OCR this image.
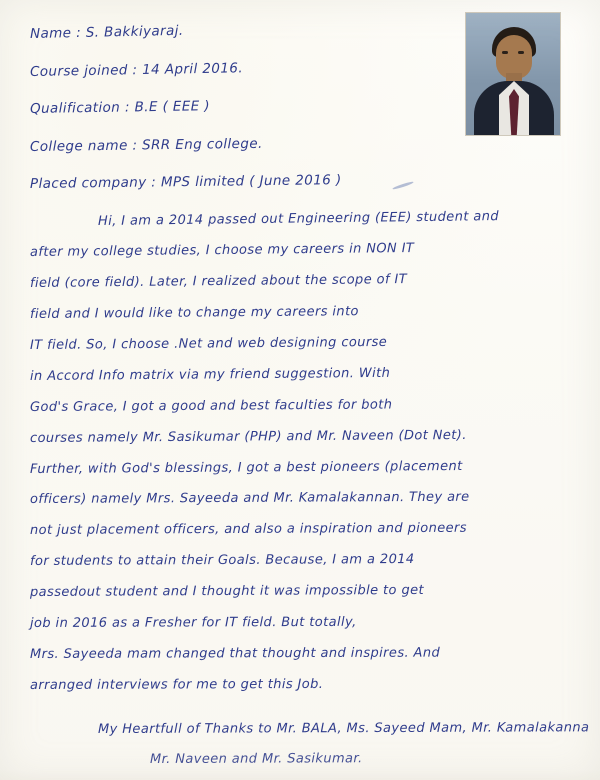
Name : S. Bakkiyaraj.
Course joined : 14 April 2016.
Qualification : B.E ( EEE )
College name : SRR Eng college.
Placed company : MPS limited ( June 2016 )
Hi, I am a 2014 passed out Engineering (EEE) student and
after my college studies, I choose my careers in NON IT
field (core field). Later, I realized about the scope of IT
field and I would like to change my careers into
IT field. So, I choose .Net and web designing course
in Accord Info matrix via my friend suggestion. With
God's Grace, I got a good and best faculties for both
courses namely Mr. Sasikumar (PHP) and Mr. Naveen (Dot Net).
Further, with God's blessings, I got a best pioneers (placement
officers) namely Mrs. Sayeeda and Mr. Kamalakannan. They are
not just placement officers, and also a inspiration and pioneers
for students to attain their Goals. Because, I am a 2014
passedout student and I thought it was impossible to get
job in 2016 as a Fresher for IT field. But totally,
Mrs. Sayeeda mam changed that thought and inspires. And
arranged interviews for me to get this Job.
My Heartfull of Thanks to Mr. BALA, Ms. Sayeed Mam, Mr. Kamalakanna
Mr. Naveen and Mr. Sasikumar.
